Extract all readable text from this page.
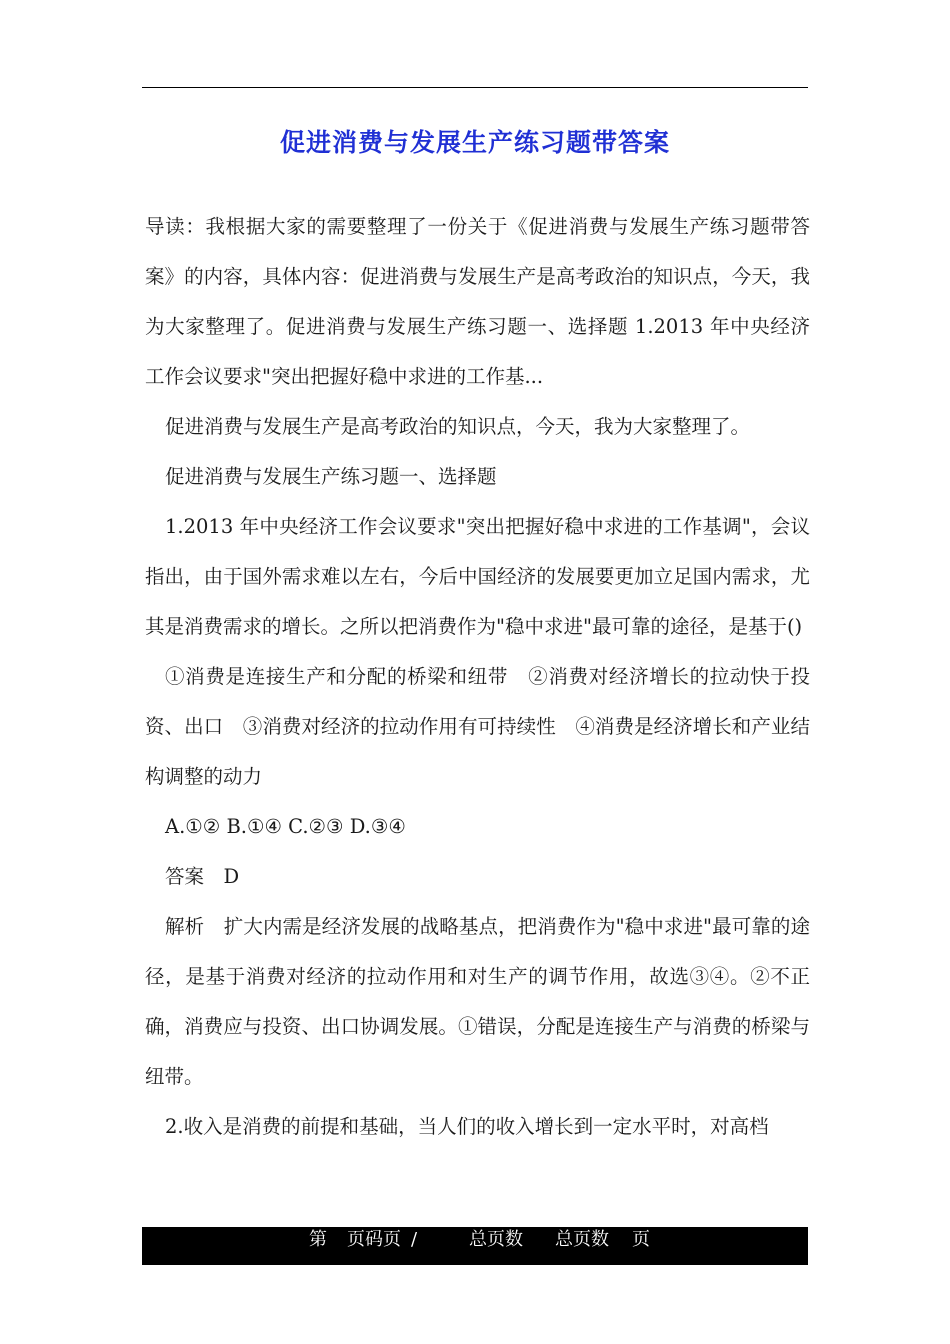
促进消费与发展生产练习题带答案

导读：我根据大家的需要整理了一份关于《促进消费与发展生产练习题带答案》的内容，具体内容：促进消费与发展生产是高考政治的知识点，今天，我为大家整理了。促进消费与发展生产练习题一、选择题 1.2013 年中央经济工作会议要求"突出把握好稳中求进的工作基...

促进消费与发展生产是高考政治的知识点，今天，我为大家整理了。

促进消费与发展生产练习题一、选择题

1.2013 年中央经济工作会议要求"突出把握好稳中求进的工作基调"，会议指出，由于国外需求难以左右，今后中国经济的发展要更加立足国内需求，尤其是消费需求的增长。之所以把消费作为"稳中求进"最可靠的途径，是基于()

①消费是连接生产和分配的桥梁和纽带　②消费对经济增长的拉动快于投资、出口　③消费对经济的拉动作用有可持续性　④消费是经济增长和产业结构调整的动力

A.①② B.①④ C.②③ D.③④

答案　D

解析　扩大内需是经济发展的战略基点，把消费作为"稳中求进"最可靠的途径，是基于消费对经济的拉动作用和对生产的调节作用，故选③④。②不正确，消费应与投资、出口协调发展。①错误，分配是连接生产与消费的桥梁与纽带。

2.收入是消费的前提和基础，当人们的收入增长到一定水平时，对高档

第 页码页 /	总页数 总页数 页
